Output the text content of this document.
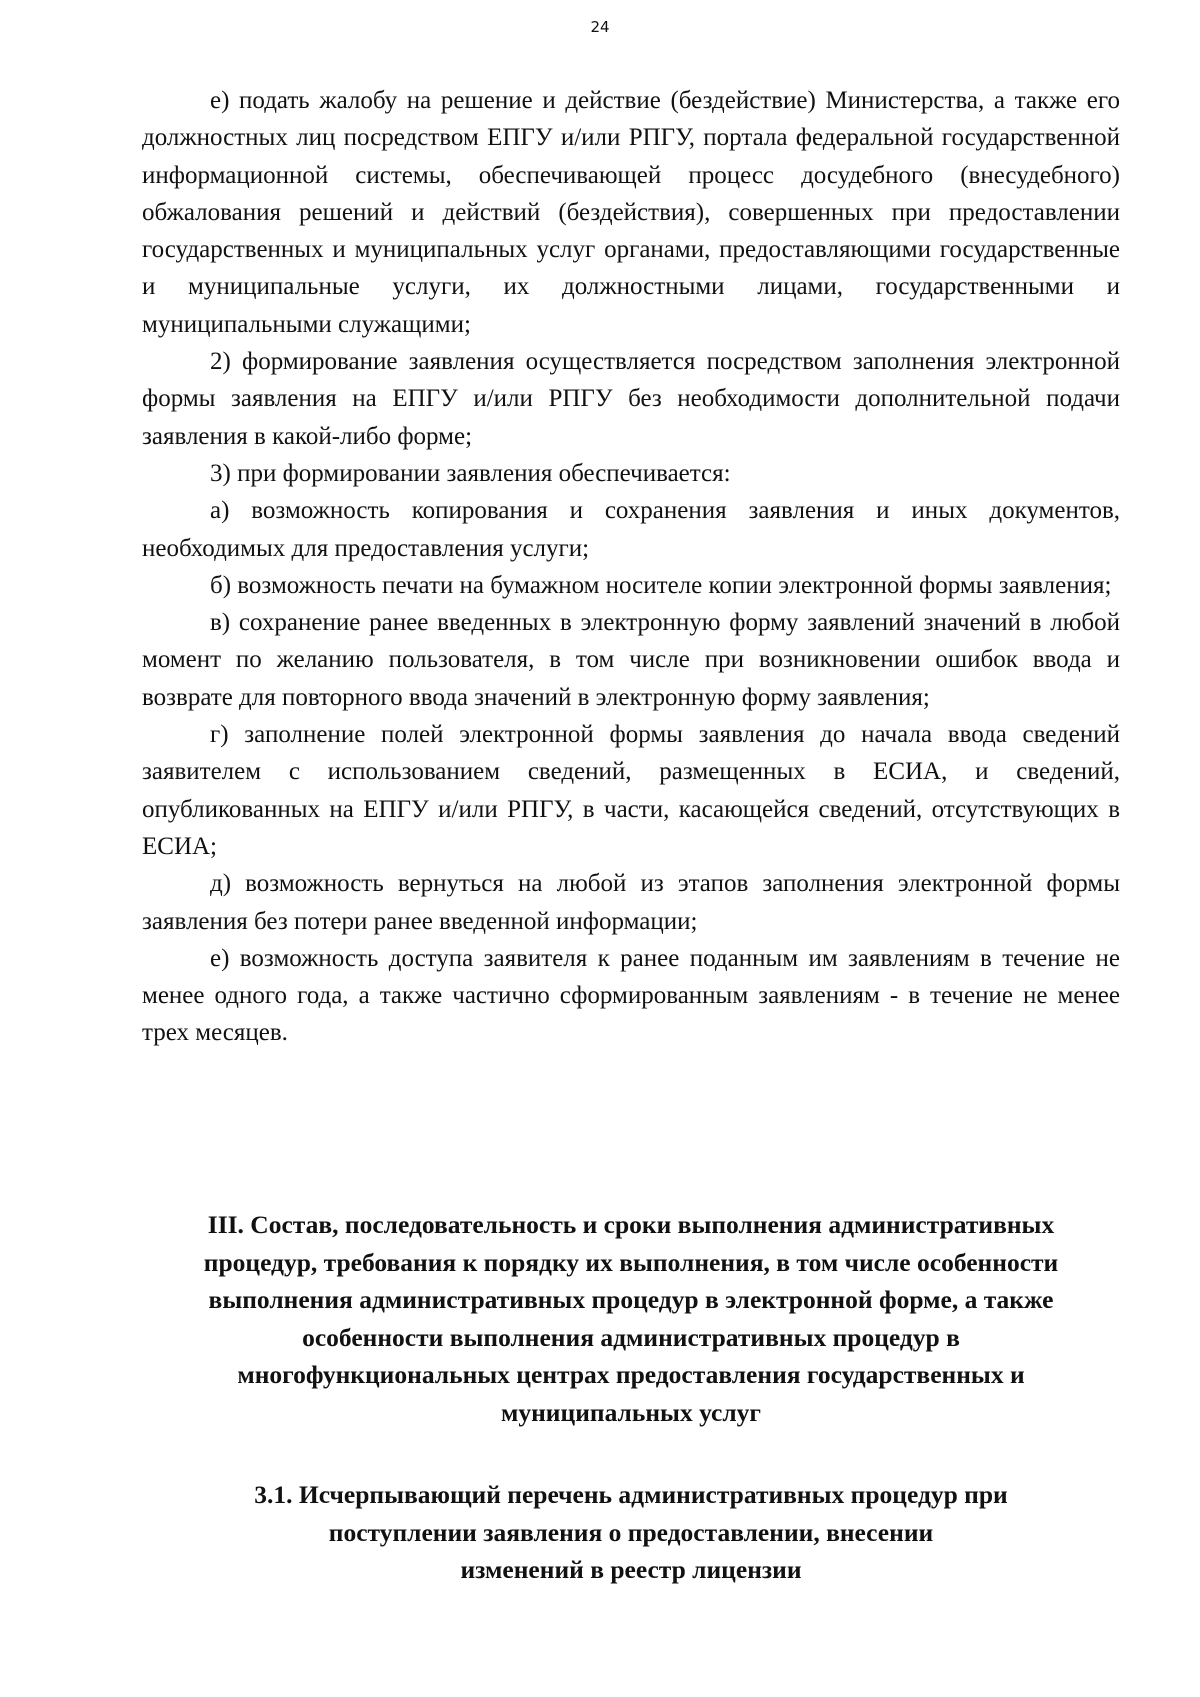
24

е) подать жалобу на решение и действие (бездействие) Министерства, а также его должностных лиц посредством ЕПГУ и/или РПГУ, портала федеральной государственной информационной системы, обеспечивающей процесс досудебного (внесудебного) обжалования решений и действий (бездействия), совершенных при предоставлении государственных и муниципальных услуг органами, предоставляющими государственные и муниципальные услуги, их должностными лицами, государственными и муниципальными служащими;

2) формирование заявления осуществляется посредством заполнения электронной формы заявления на ЕПГУ и/или РПГУ без необходимости дополнительной подачи заявления в какой-либо форме;

3) при формировании заявления обеспечивается:

а) возможность копирования и сохранения заявления и иных документов, необходимых для предоставления услуги;

б) возможность печати на бумажном носителе копии электронной формы заявления;

в) сохранение ранее введенных в электронную форму заявлений значений в любой момент по желанию пользователя, в том числе при возникновении ошибок ввода и возврате для повторного ввода значений в электронную форму заявления;

г) заполнение полей электронной формы заявления до начала ввода сведений заявителем с использованием сведений, размещенных в ЕСИА, и сведений, опубликованных на ЕПГУ и/или РПГУ, в части, касающейся сведений, отсутствующих в ЕСИА;

д) возможность вернуться на любой из этапов заполнения электронной формы заявления без потери ранее введенной информации;

е) возможность доступа заявителя к ранее поданным им заявлениям в течение не менее одного года, а также частично сформированным заявлениям - в течение не менее трех месяцев.

III. Состав, последовательность и сроки выполнения административных
процедур, требования к порядку их выполнения, в том числе особенности
выполнения административных процедур в электронной форме, а также
особенности выполнения административных процедур в
многофункциональных центрах предоставления государственных и
муниципальных услуг
3.1. Исчерпывающий перечень административных процедур при
поступлении заявления о предоставлении, внесении
изменений в реестр лицензии
